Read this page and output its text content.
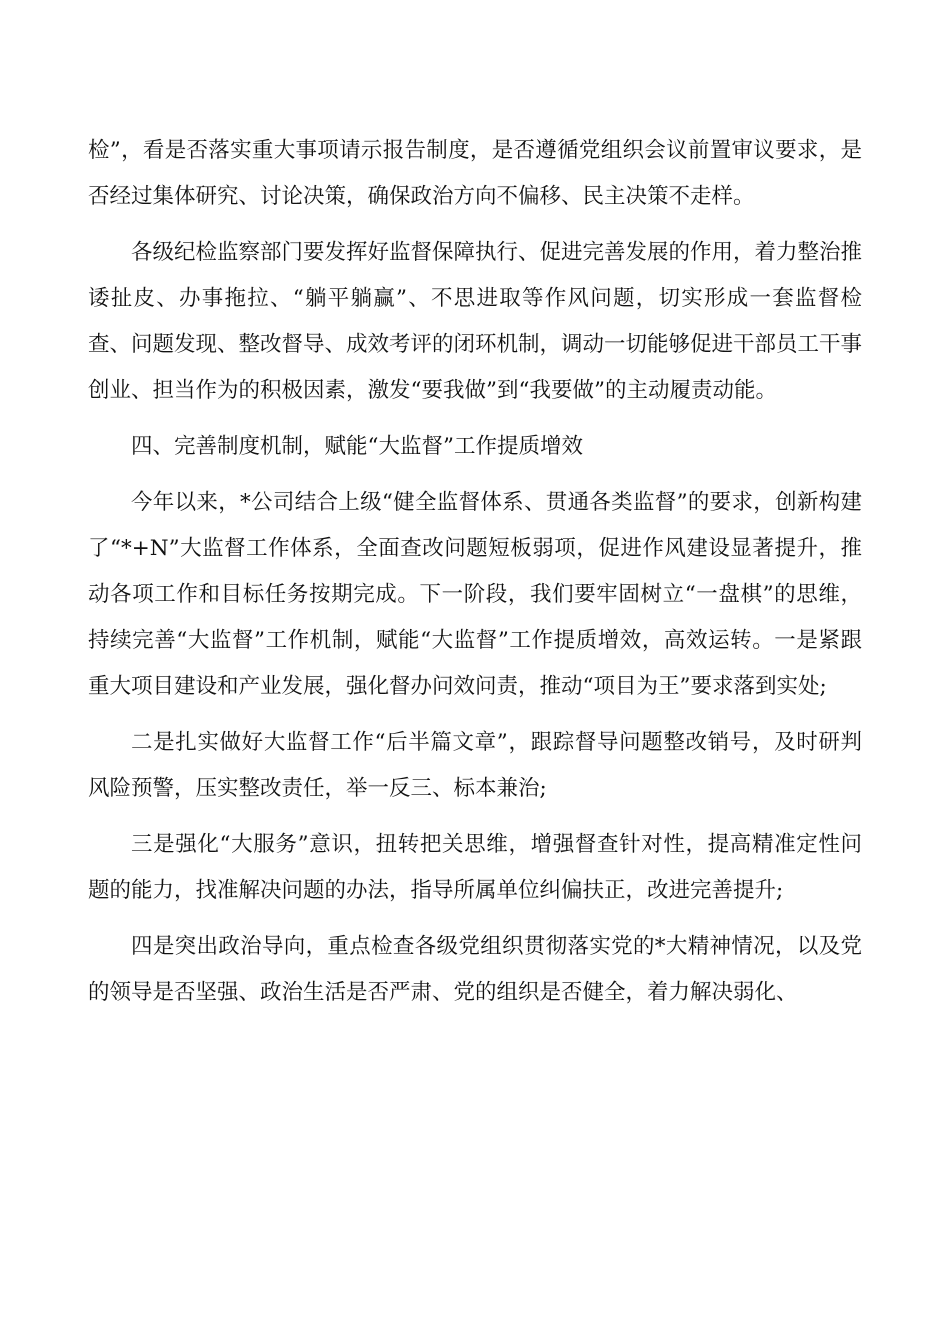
检”，看是否落实重大事项请示报告制度，是否遵循党组织会议前置审议要求，是否经过集体研究、讨论决策，确保政治方向不偏移、民主决策不走样。

各级纪检监察部门要发挥好监督保障执行、促进完善发展的作用，着力整治推诿扯皮、办事拖拉、“躺平躺赢”、不思进取等作风问题，切实形成一套监督检查、问题发现、整改督导、成效考评的闭环机制，调动一切能够促进干部员工干事创业、担当作为的积极因素，激发“要我做”到“我要做”的主动履责动能。

四、完善制度机制，赋能“大监督”工作提质增效

今年以来，*公司结合上级“健全监督体系、贯通各类监督”的要求，创新构建了“*+N”大监督工作体系，全面查改问题短板弱项，促进作风建设显著提升，推动各项工作和目标任务按期完成。下一阶段，我们要牢固树立“一盘棋”的思维，持续完善“大监督”工作机制，赋能“大监督”工作提质增效，高效运转。一是紧跟重大项目建设和产业发展，强化督办问效问责，推动“项目为王”要求落到实处;

二是扎实做好大监督工作“后半篇文章”，跟踪督导问题整改销号，及时研判风险预警，压实整改责任，举一反三、标本兼治;

三是强化“大服务”意识，扭转把关思维，增强督查针对性，提高精准定性问题的能力，找准解决问题的办法，指导所属单位纠偏扶正，改进完善提升;

四是突出政治导向，重点检查各级党组织贯彻落实党的*大精神情况，以及党的领导是否坚强、政治生活是否严肃、党的组织是否健全，着力解决弱化、
